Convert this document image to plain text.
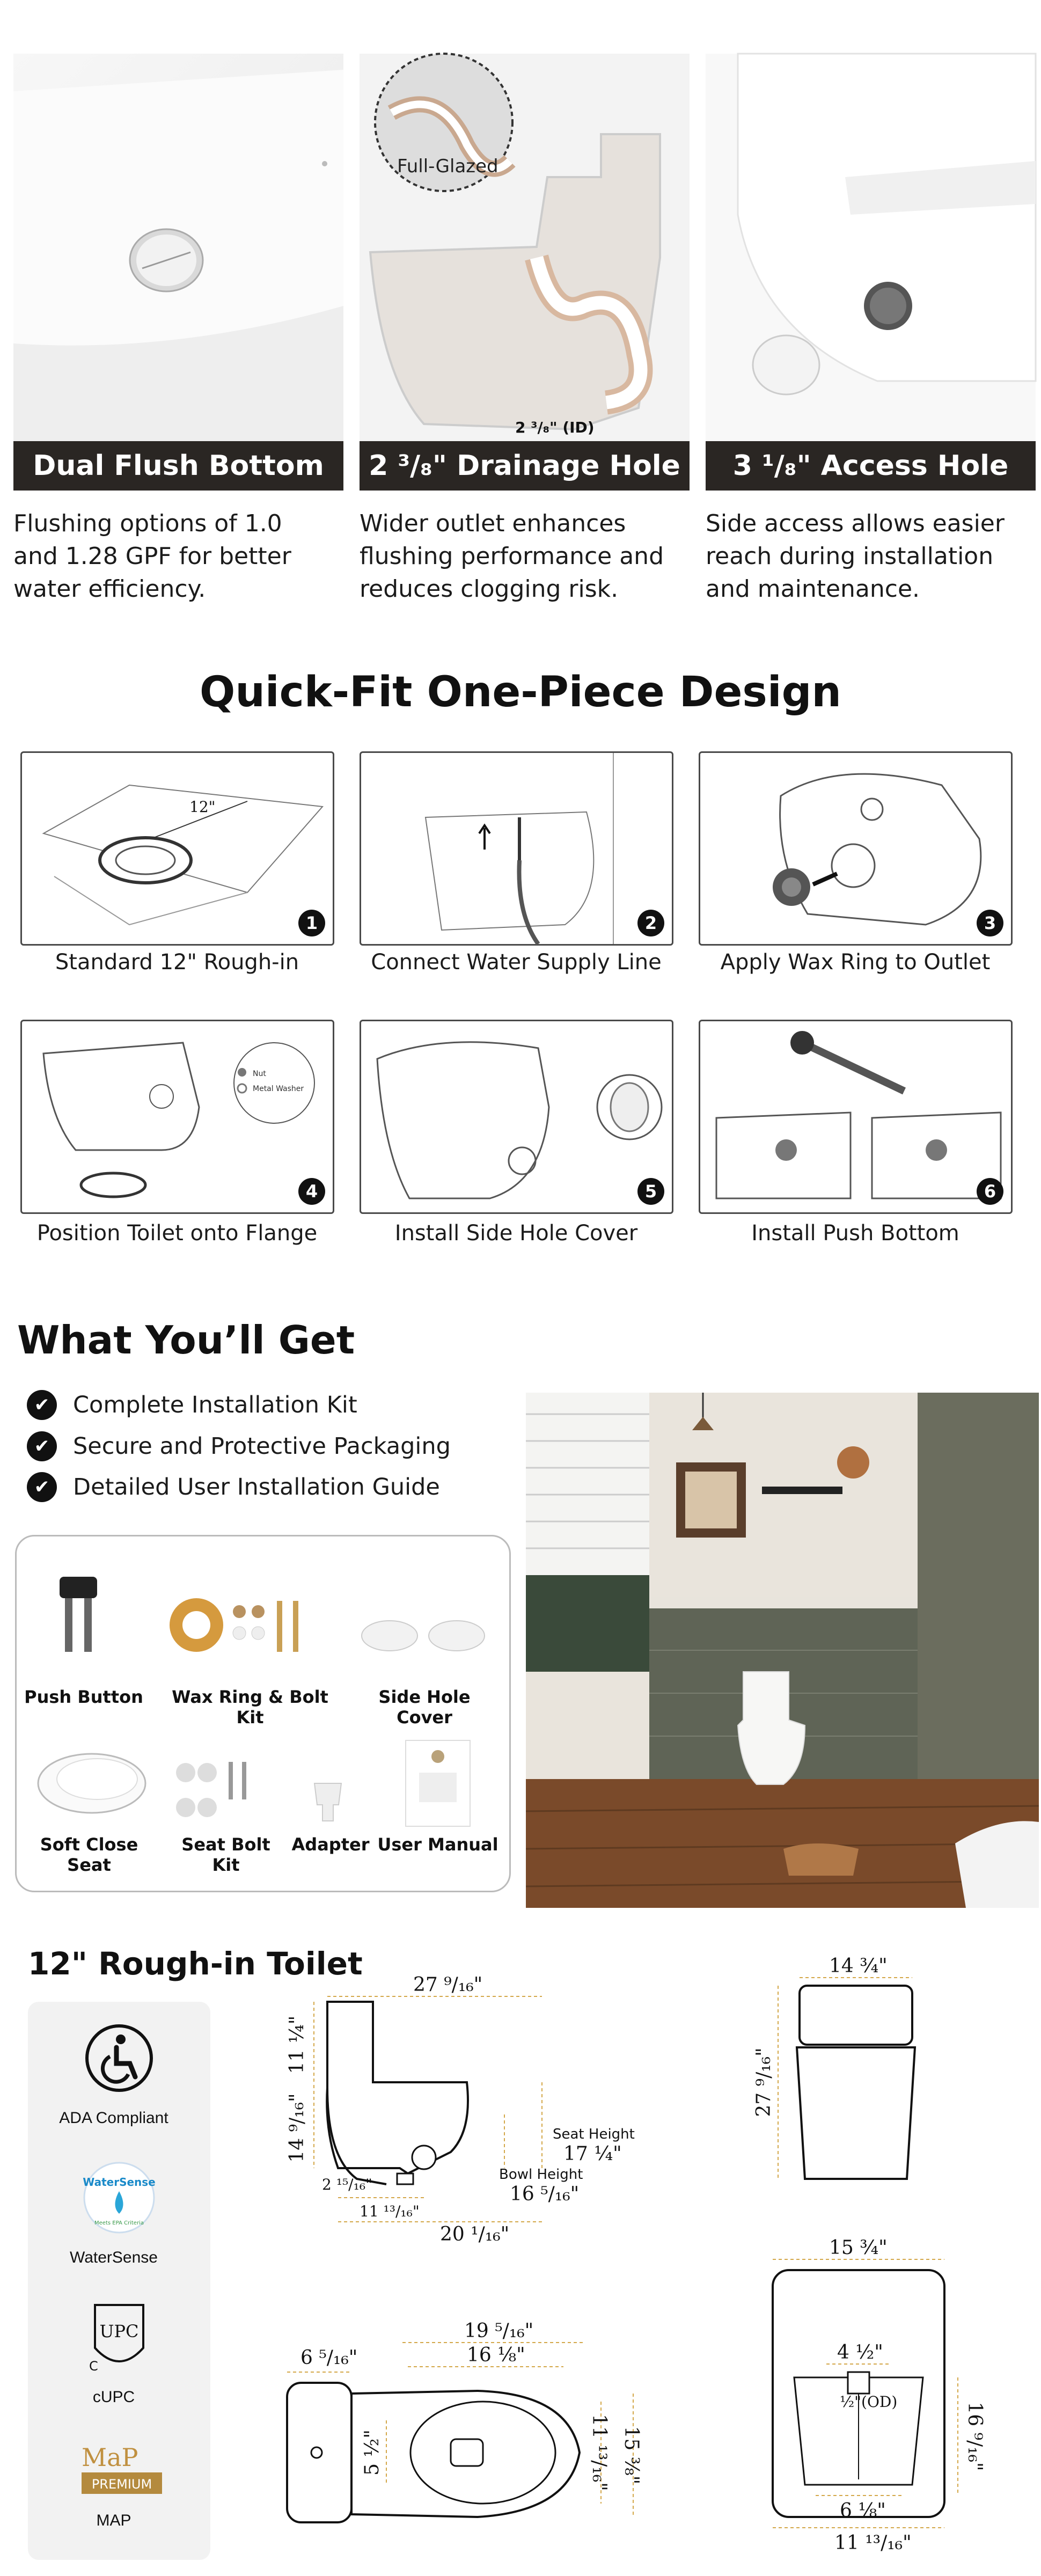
Full-Glazed
2 ³/₈" (ID)
Dual Flush Bottom	2 ³/₈" Drainage Hole	3 ¹/₈" Access Hole
Flushing options of 1.0
and 1.28 GPF for better
water efficiency.
Wider outlet enhances
flushing performance and
reduces clogging risk.
Side access allows easier
reach during installation
and maintenance.
Quick-Fit One-Piece Design
12"
1	2	3
Standard 12" Rough-in	Connect Water Supply Line	Apply Wax Ring to Outlet
Nut
Metal Washer
4	5	6
Position Toilet onto Flange	Install Side Hole Cover	Install Push Bottom
What You’ll Get
✔	Complete Installation Kit
✔	Secure and Protective Packaging
✔	Detailed User Installation Guide
Push Button	Wax Ring & Bolt Kit
Side Hole Cover
Soft Close Seat
Seat Bolt Kit
Adapter User Manual
12" Rough-in Toilet
ADA Compliant
WaterSense
Meets EPA Criteria
WaterSense
UPC
C
cUPC
MaP
PREMIUM
MAP
27 ⁹/₁₆"
11 ¼"
14 ⁹/₁₆"	Seat Height
17 ¼"
Bowl Height
16 ⁵/₁₆"
2 ¹⁵/₁₆"
11 ¹³/₁₆"
20 ¹/₁₆"
14 ¾"
27 ⁹/₁₆"
6 ⁵/₁₆"
19 ⁵/₁₆"
16 ⅛"
5 ½"	11 ¹³/₁₆" 15 ⅜"
15 ¾"
4 ½"
½"(OD)	16 ⁹/₁₆"
6 ⅛"
11 ¹³/₁₆"
